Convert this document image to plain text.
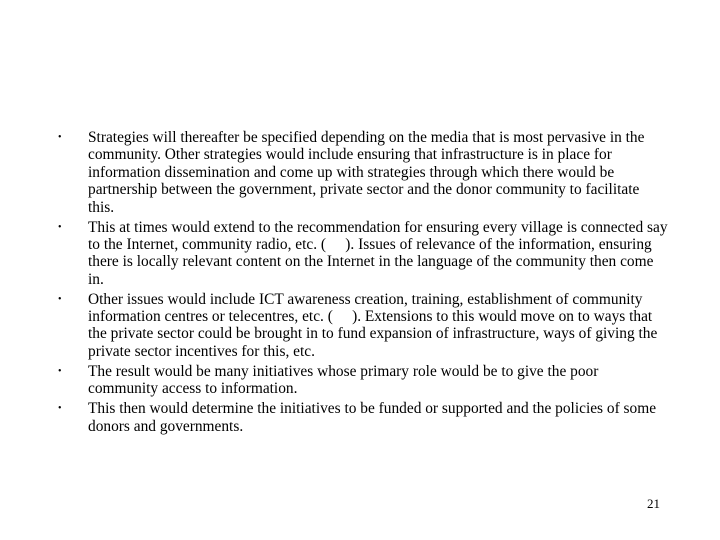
•	Strategies will thereafter be specified depending on the media that is most pervasive in the community. Other strategies would include ensuring that infrastructure is in place for information dissemination and come up with strategies through which there would be partnership between the government, private sector and the donor community to facilitate this.
•	This at times would extend to the recommendation for ensuring every village is connected say to the Internet, community radio, etc. (     ). Issues of relevance of the information, ensuring there is locally relevant content on the Internet in the language of the community then come in.
•	Other issues would include ICT awareness creation, training, establishment of community information centres or telecentres, etc. (     ). Extensions to this would move on to ways that the private sector could be brought in to fund expansion of infrastructure, ways of giving the private sector incentives for this, etc.
•	The result would be many initiatives whose primary role would be to give the poor community access to information.
•	This then would determine the initiatives to be funded or supported and the policies of some donors and governments.
21
